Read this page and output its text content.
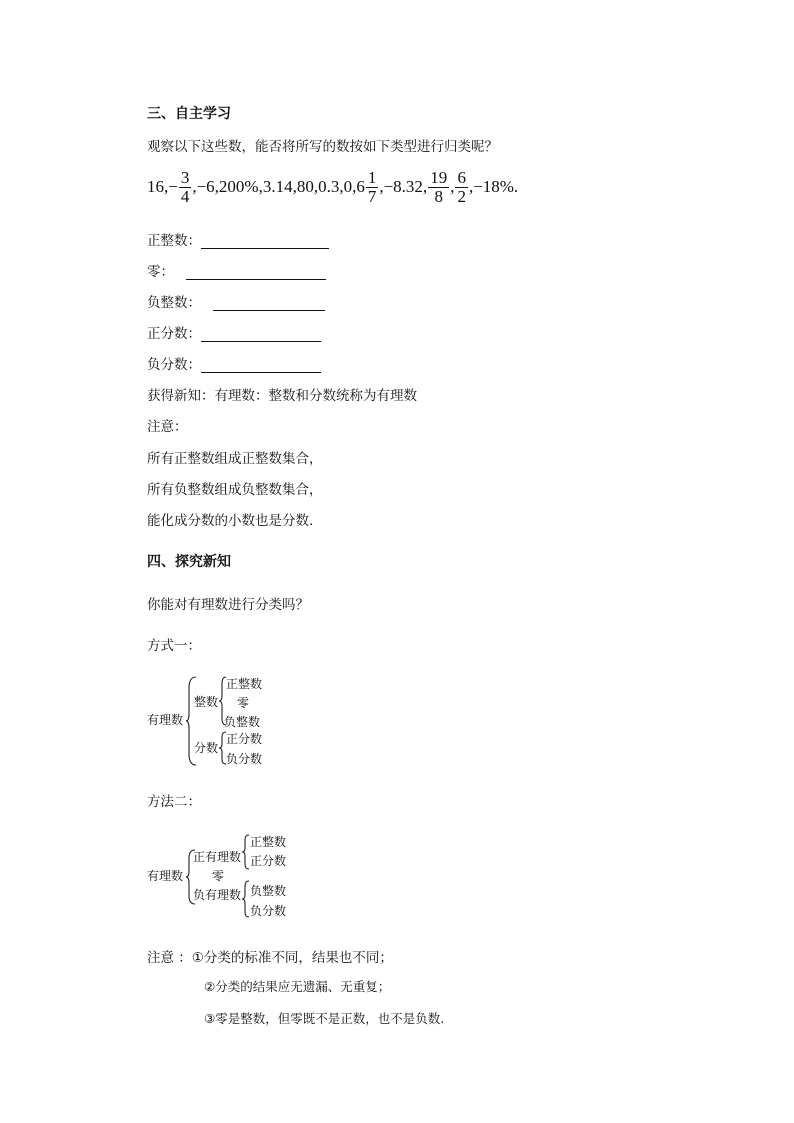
三、自主学习
观察以下这些数，能否将所写的数按如下类型进行归类呢？
16, − $\frac{3}{4} ,-6,200\%,3.14,80,0.3,0,6 \frac{1}{7} ,-8.32$, $\frac{19}{8}$ , $\frac{6}{2} ,-18\%$.
正整数：
零：
负整数：
正分数：
负分数：
获得新知：有理数：整数和分数统称为有理数
注意：
所有正整数组成正整数集合，
所有负整数组成负整数集合，
能化成分数的小数也是分数.
四、探究新知
你能对有理数进行分类吗？
方式一：
有理数
整数
正整数
零
负整数
分数
正分数
负分数
方法二：
有理数
正有理数
正整数
正分数
零
负有理数 负整数
负分数
注意 ：①分类的标准不同，结果也不同；
②分类的结果应无遗漏、无重复；
③零是整数，但零既不是正数，也不是负数.
